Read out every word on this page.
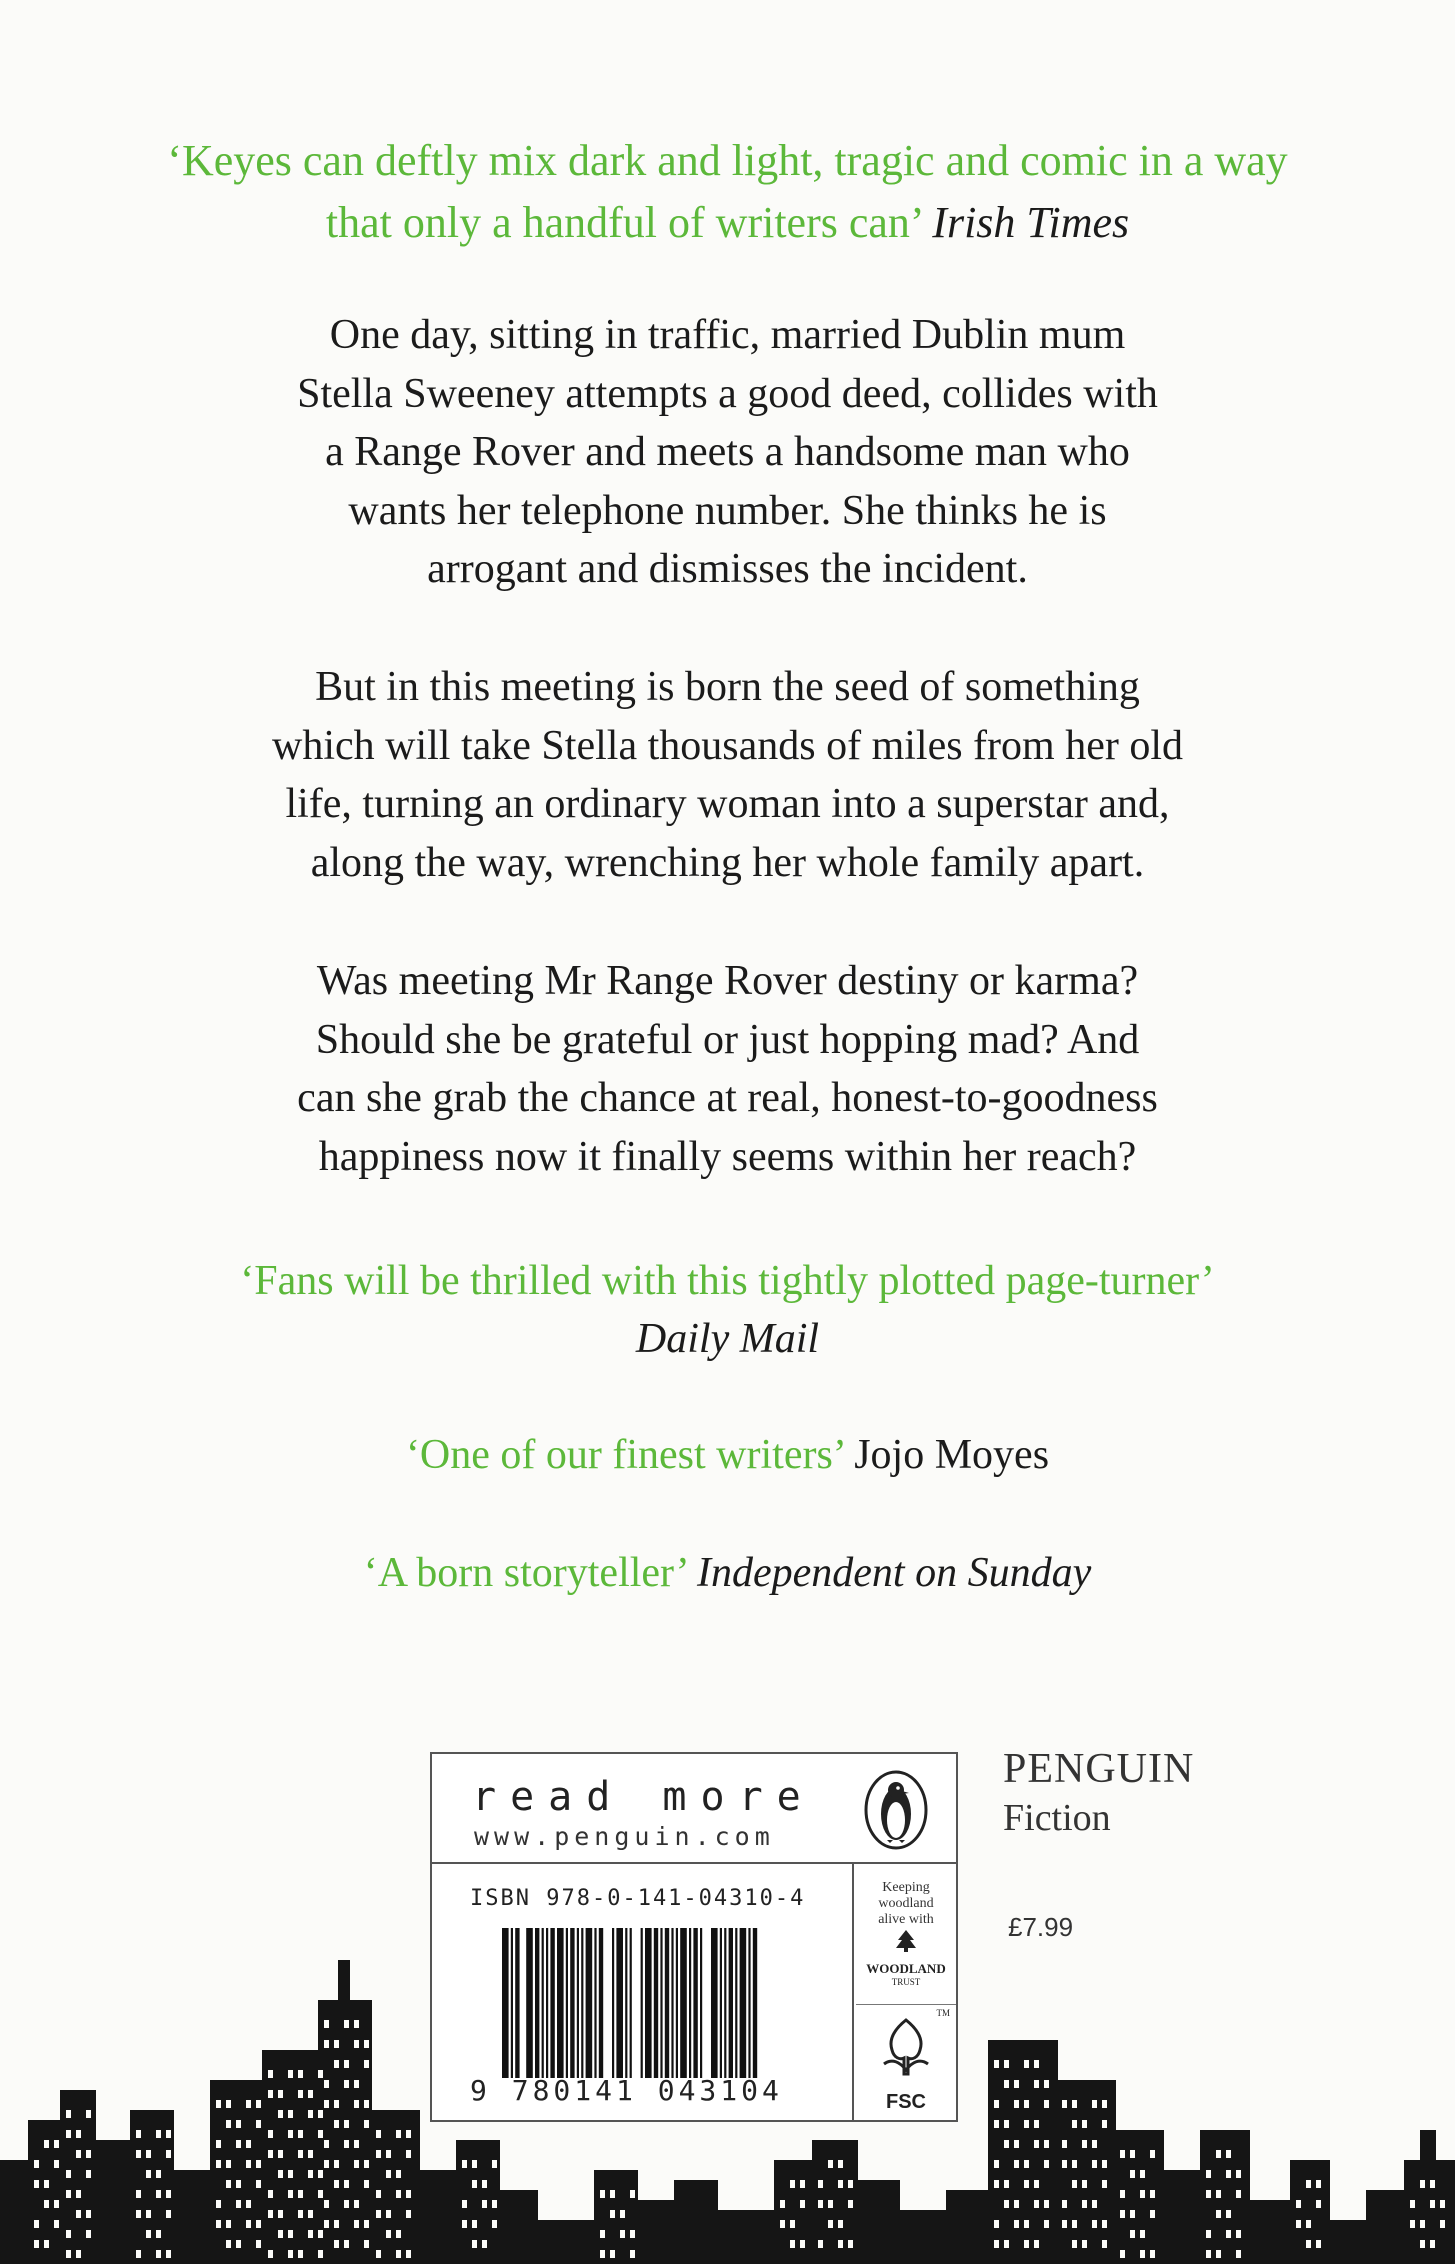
‘Keyes can deftly mix dark and light, tragic and comic in a way
that only a handful of writers can’ Irish Times
One day, sitting in traffic, married Dublin mum
Stella Sweeney attempts a good deed, collides with
a Range Rover and meets a handsome man who
wants her telephone number. She thinks he is
arrogant and dismisses the incident.
But in this meeting is born the seed of something
which will take Stella thousands of miles from her old
life, turning an ordinary woman into a superstar and,
along the way, wrenching her whole family apart.
Was meeting Mr Range Rover destiny or karma?
Should she be grateful or just hopping mad? And
can she grab the chance at real, honest-to-goodness
happiness now it finally seems within her reach?
‘Fans will be thrilled with this tightly plotted page-turner’
Daily Mail
‘One of our finest writers’ Jojo Moyes
‘A born storyteller’ Independent on Sunday
read more
www.penguin.com
ISBN 978-0-141-04310-4
9 780141 043104
Keeping
woodland
alive with
WOODLAND
TRUST
TM
FSC
PENGUIN
Fiction
£7.99
